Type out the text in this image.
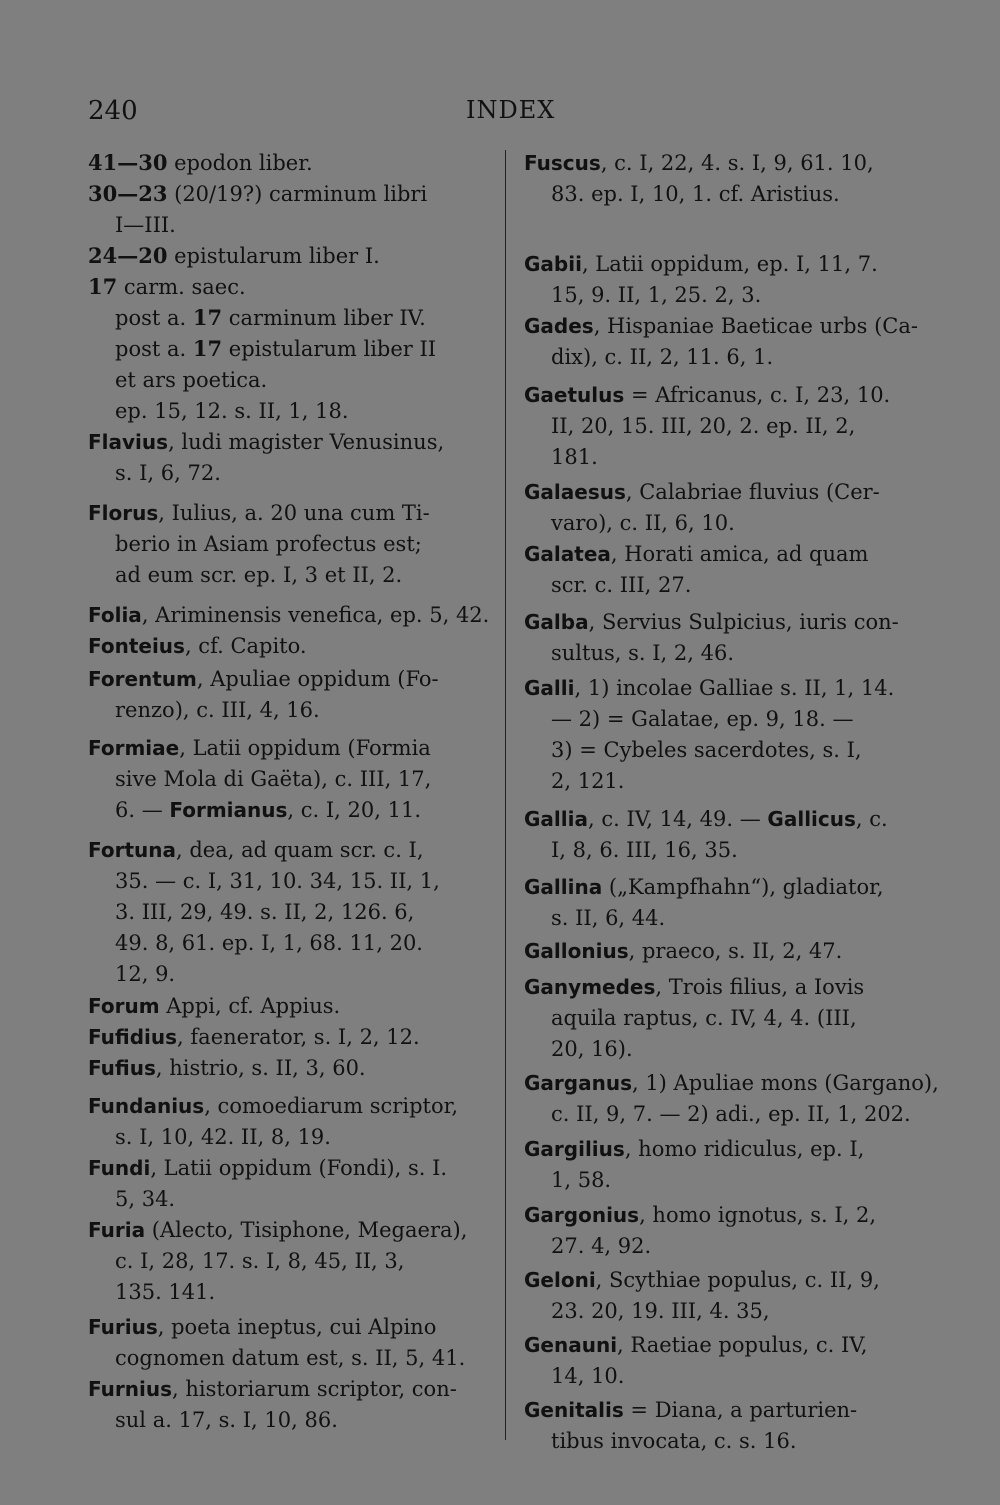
240	INDEX
41—30 epodon liber.
30—23 (20/19?) carminum libri
I—III.
24—20 epistularum liber I.
17 carm. saec.
post a. 17 carminum liber IV.
post a. 17 epistularum liber II
et ars poetica.
ep. 15, 12. s. II, 1, 18.
Flavius, ludi magister Venusinus,
s. I, 6, 72.
Florus, Iulius, a. 20 una cum Ti-
berio in Asiam profectus est;
ad eum scr. ep. I, 3 et II, 2.
Folia, Ariminensis venefica, ep. 5, 42.
Fonteius, cf. Capito.
Forentum, Apuliae oppidum (Fo-
renzo), c. III, 4, 16.
Formiae, Latii oppidum (Formia
sive Mola di Gaëta), c. III, 17,
6. — Formianus, c. I, 20, 11.
Fortuna, dea, ad quam scr. c. I,
35. — c. I, 31, 10. 34, 15. II, 1,
3. III, 29, 49. s. II, 2, 126. 6,
49. 8, 61. ep. I, 1, 68. 11, 20.
12, 9.
Forum Appi, cf. Appius.
Fufidius, faenerator, s. I, 2, 12.
Fufius, histrio, s. II, 3, 60.
Fundanius, comoediarum scriptor,
s. I, 10, 42. II, 8, 19.
Fundi, Latii oppidum (Fondi), s. I.
5, 34.
Furia (Alecto, Tisiphone, Megaera),
c. I, 28, 17. s. I, 8, 45, II, 3,
135. 141.
Furius, poeta ineptus, cui Alpino
cognomen datum est, s. II, 5, 41.
Furnius, historiarum scriptor, con-
sul a. 17, s. I, 10, 86.
Fuscus, c. I, 22, 4. s. I, 9, 61. 10,
83. ep. I, 10, 1. cf. Aristius.
Gabii, Latii oppidum, ep. I, 11, 7.
15, 9. II, 1, 25. 2, 3.
Gades, Hispaniae Baeticae urbs (Ca-
dix), c. II, 2, 11. 6, 1.
Gaetulus = Africanus, c. I, 23, 10.
II, 20, 15. III, 20, 2. ep. II, 2,
181.
Galaesus, Calabriae fluvius (Cer-
varo), c. II, 6, 10.
Galatea, Horati amica, ad quam
scr. c. III, 27.
Galba, Servius Sulpicius, iuris con-
sultus, s. I, 2, 46.
Galli, 1) incolae Galliae s. II, 1, 14.
— 2) = Galatae, ep. 9, 18. —
3) = Cybeles sacerdotes, s. I,
2, 121.
Gallia, c. IV, 14, 49. — Gallicus, c.
I, 8, 6. III, 16, 35.
Gallina („Kampfhahn“), gladiator,
s. II, 6, 44.
Gallonius, praeco, s. II, 2, 47.
Ganymedes, Trois filius, a Iovis
aquila raptus, c. IV, 4, 4. (III,
20, 16).
Garganus, 1) Apuliae mons (Gargano),
c. II, 9, 7. — 2) adi., ep. II, 1, 202.
Gargilius, homo ridiculus, ep. I,
1, 58.
Gargonius, homo ignotus, s. I, 2,
27. 4, 92.
Geloni, Scythiae populus, c. II, 9,
23. 20, 19. III, 4. 35,
Genauni, Raetiae populus, c. IV,
14, 10.
Genitalis = Diana, a parturien-
tibus invocata, c. s. 16.
